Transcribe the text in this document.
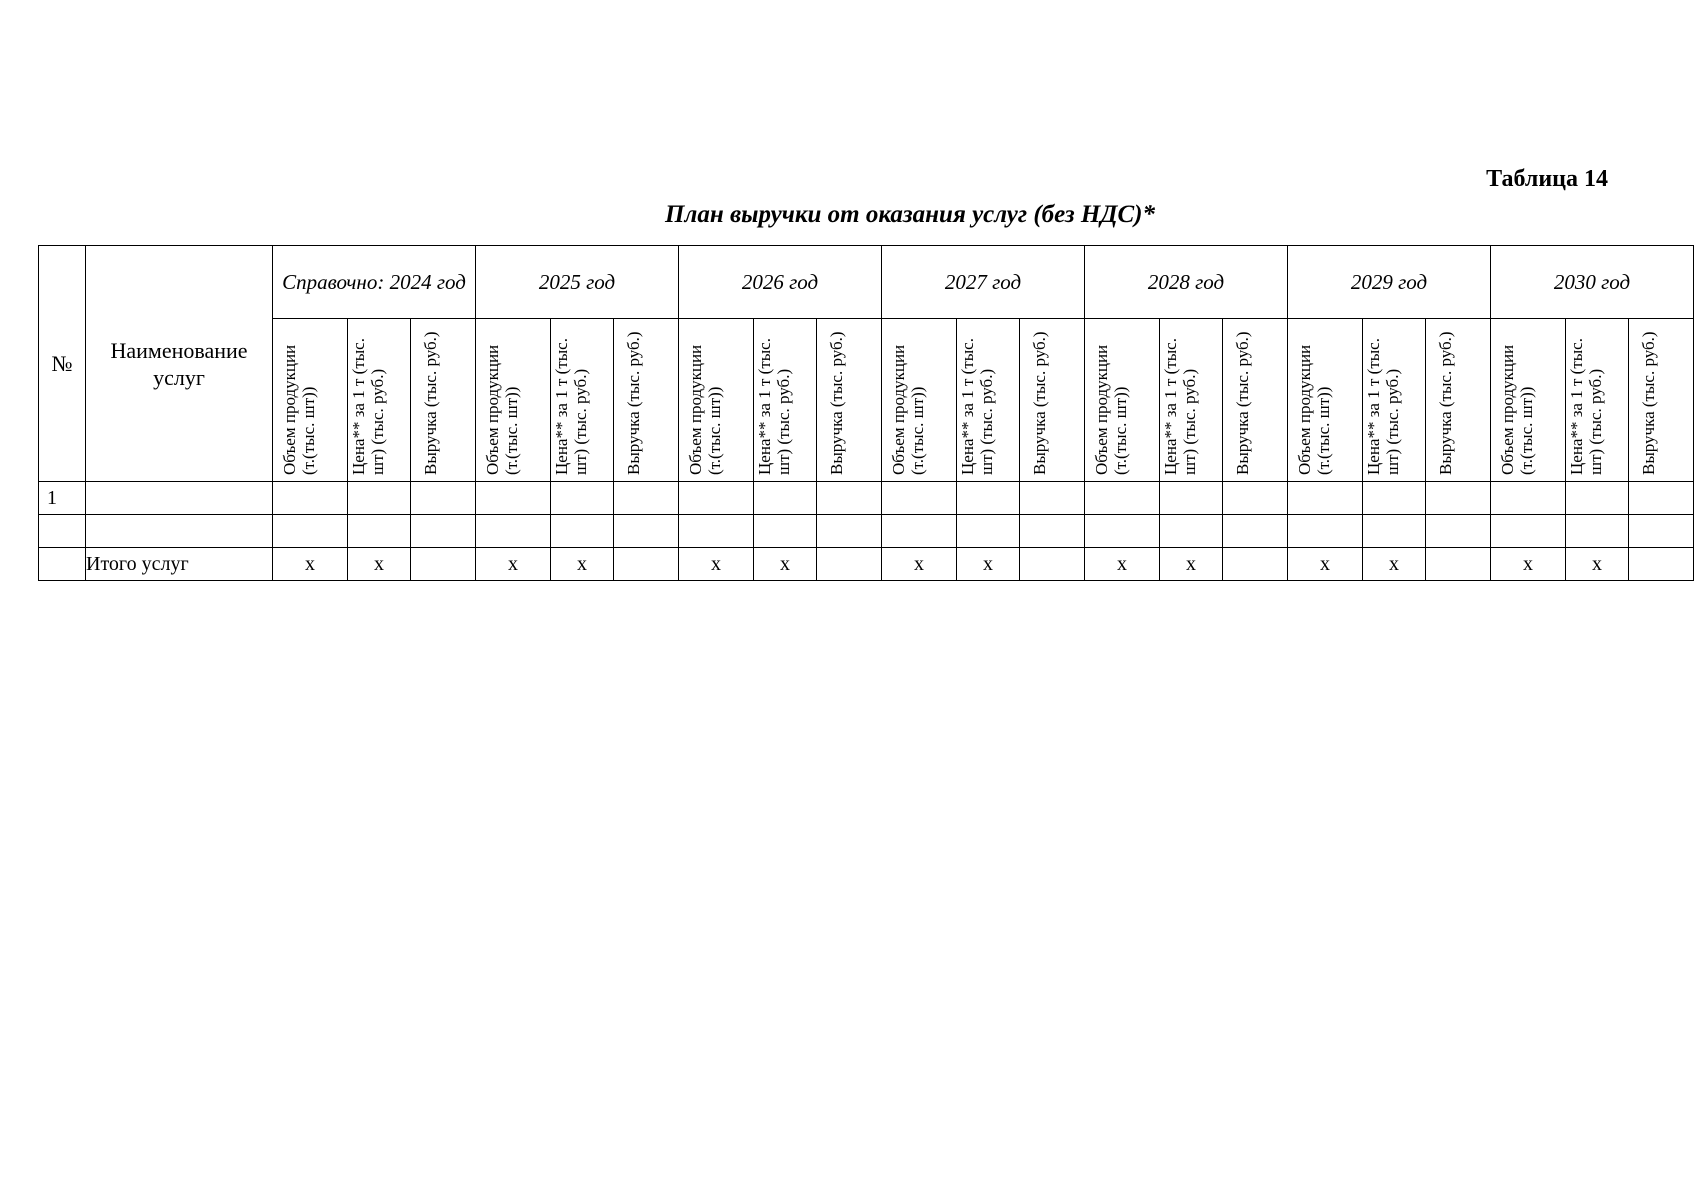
Таблица 14
План выручки от оказания услуг (без НДС)*
№	Наименование услуг	Справочно: 2024 год			2025 год			2026 год			2027 год			2028 год			2029 год			2030 год		

		Объем продукции (т.(тыс. шт))	Цена** за 1 т (тыс. шт) (тыс. руб.)	Выручка (тыс. руб.)	Объем продукции (т.(тыс. шт))	Цена** за 1 т (тыс. шт) (тыс. руб.)	Выручка (тыс. руб.)	Объем продукции (т.(тыс. шт))	Цена** за 1 т (тыс. шт) (тыс. руб.)	Выручка (тыс. руб.)	Объем продукции (т.(тыс. шт))	Цена** за 1 т (тыс. шт) (тыс. руб.)	Выручка (тыс. руб.)	Объем продукции (т.(тыс. шт))	Цена** за 1 т (тыс. шт) (тыс. руб.)	Выручка (тыс. руб.)	Объем продукции (т.(тыс. шт))	Цена** за 1 т (тыс. шт) (тыс. руб.)	Выручка (тыс. руб.)	Объем продукции (т.(тыс. шт))	Цена** за 1 т (тыс. шт) (тыс. руб.)	Выручка (тыс. руб.)

1																						

	Итого услуг	х	х		х	х		х	х		х	х		х	х		х	х		х	х	
